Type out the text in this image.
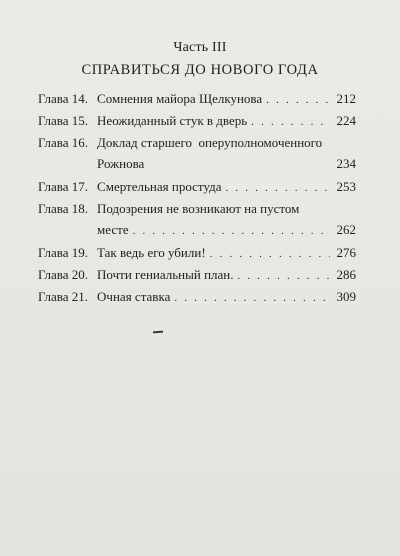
Часть III
СПРАВИТЬСЯ ДО НОВОГО ГОДА
Глава 14. Сомнения майора Щелкунова . . .	212
Глава 15. Неожиданный стук в дверь . . .	224
Глава 16. Доклад старшего  оперуполномоченного
Рожнова	234
Глава 17. Смертельная простуда . . .	253
Глава 18. Подозрения не возникают на пустом
месте . . .	262
Глава 19. Так ведь его убили! . . .	276
Глава 20. Почти гениальный план. . . .	286
Глава 21. Очная ставка . . .	309
